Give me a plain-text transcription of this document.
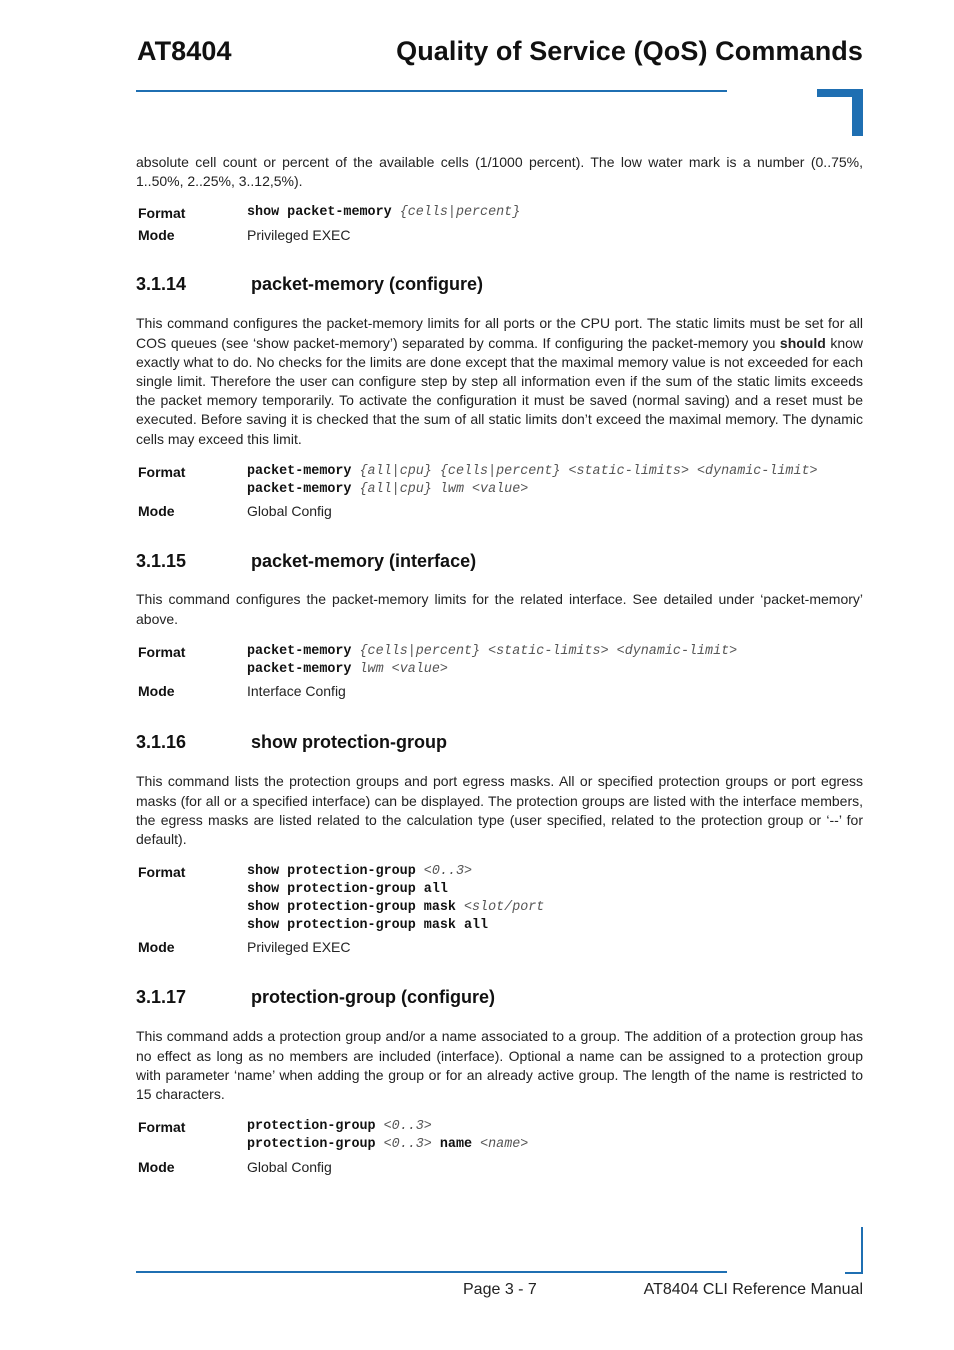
AT8404	Quality of Service (QoS) Commands

absolute cell count or percent of the available cells (1/1000 percent). The low water mark is a number (0..75%, 1..50%, 2..25%, 3..12,5%).

Format	show packet-memory {cells|percent}
Mode	Privileged EXEC
3.1.14	packet-memory (configure)

This command configures the packet-memory limits for all ports or the CPU port. The static limits must be set for all COS queues (see ‘show packet-memory’) separated by comma. If configuring the packet-memory you should know exactly what to do. No checks for the limits are done except that the maximal memory value is not exceeded for each single limit. Therefore the user can configure step by step all information even if the sum of the static limits exceeds the packet memory temporarily. To activate the configuration it must be saved (normal saving) and a reset must be executed. Before saving it is checked that the sum of all static limits don’t exceed the maximal memory. The dynamic cells may exceed this limit.

Format	packet-memory {all|cpu} {cells|percent} <static-limits> <dynamic-limit>
packet-memory {all|cpu} lwm <value>
Mode	Global Config
3.1.15	packet-memory (interface)

This command configures the packet-memory limits for the related interface. See detailed under ‘packet-memory’ above.

Format	packet-memory {cells|percent} <static-limits> <dynamic-limit>
packet-memory lwm <value>
Mode	Interface Config
3.1.16	show protection-group

This command lists the protection groups and port egress masks. All or specified protection groups or port egress masks (for all or a specified interface) can be displayed. The protection groups are listed with the interface members, the egress masks are listed related to the calculation type (user specified, related to the protection group or ‘--’ for default).

Format	show protection-group <0..3>
show protection-group all
show protection-group mask <slot/port
show protection-group mask all
Mode	Privileged EXEC
3.1.17	protection-group (configure)

This command adds a protection group and/or a name associated to a group. The addition of a protection group has no effect as long as no members are included (interface). Optional a name can be assigned to a protection group with parameter ‘name’ when adding the group or for an already active group. The length of the name is restricted to 15 characters.

Format	protection-group <0..3>
protection-group <0..3> name <name>
Mode	Global Config
Page 3 - 7	AT8404 CLI Reference Manual
